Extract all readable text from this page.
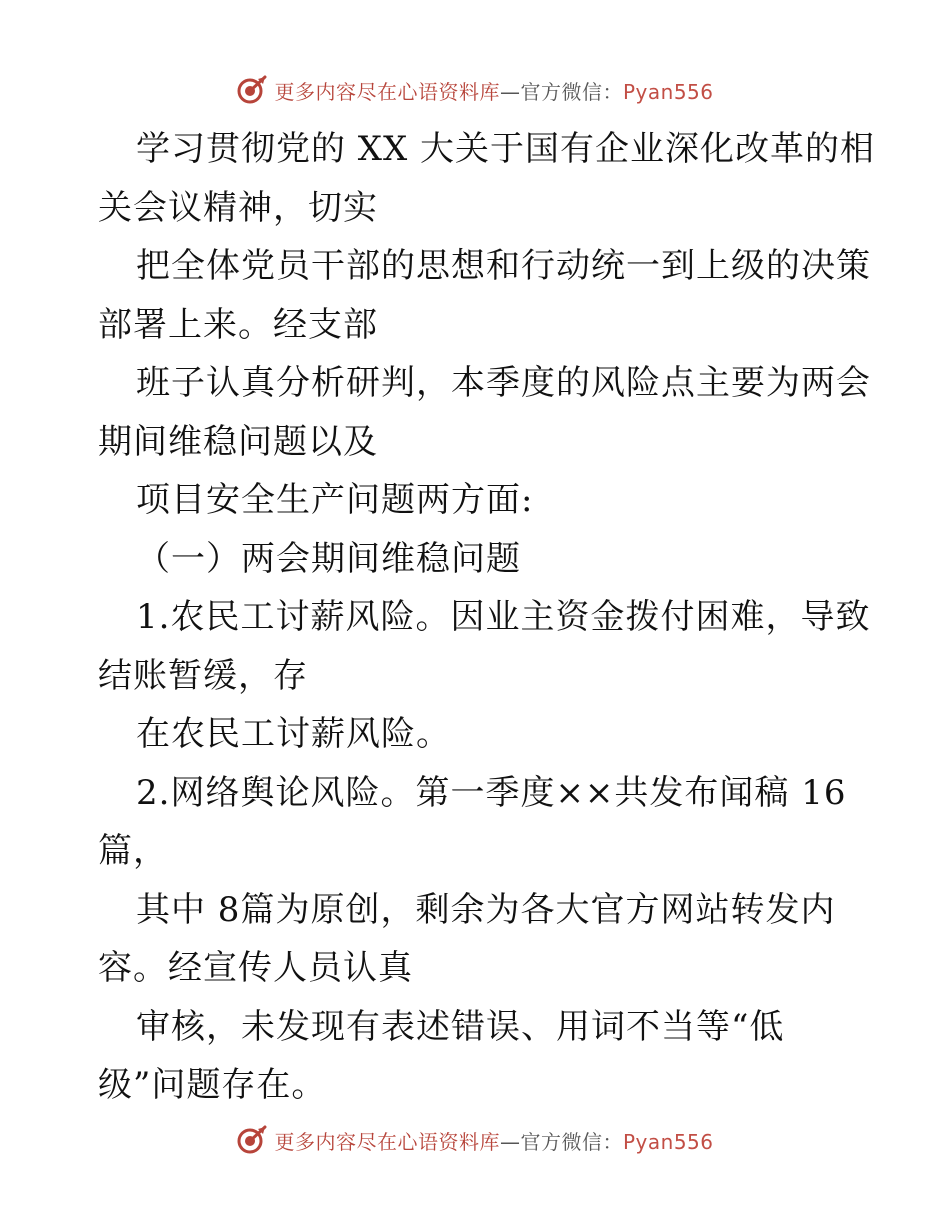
更多内容尽在心语资料库—官方微信：Pyan556
学习贯彻党的 XX 大关于国有企业深化改革的相
关会议精神，切实
把全体党员干部的思想和行动统一到上级的决策
部署上来。经支部
班子认真分析研判，本季度的风险点主要为两会
期间维稳问题以及
项目安全生产问题两方面:
（一）两会期间维稳问题
1.农民工讨薪风险。因业主资金拨付困难，导致
结账暂缓，存
在农民工讨薪风险。
2.网络舆论风险。第一季度××共发布闻稿 16
篇，
其中 8篇为原创，剩余为各大官方网站转发内
容。经宣传人员认真
审核，未发现有表述错误、用词不当等“低
级”问题存在。
更多内容尽在心语资料库—官方微信：Pyan556
